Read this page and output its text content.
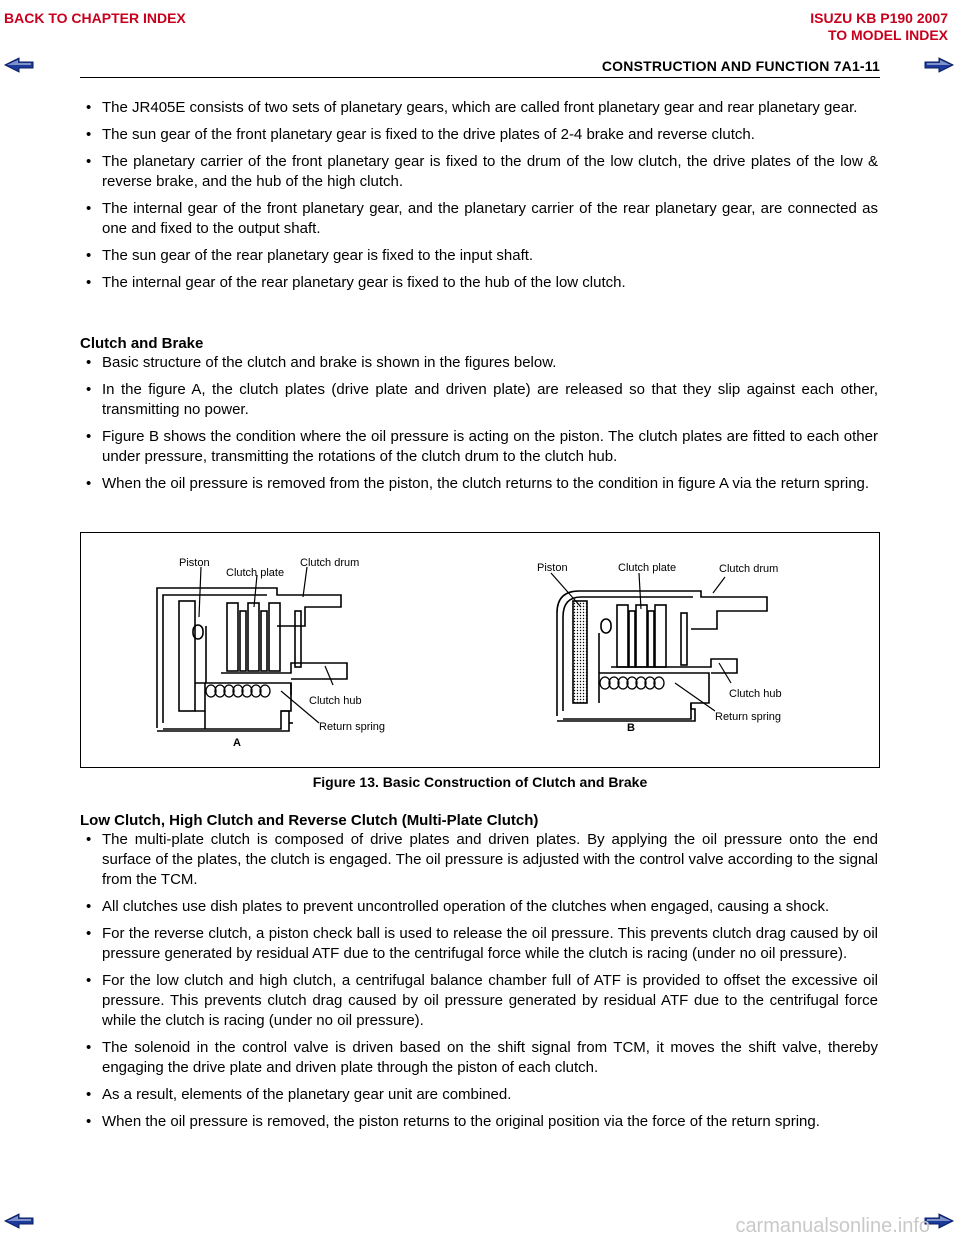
BACK TO CHAPTER INDEX	ISUZU KB P190 2007
TO MODEL INDEX
CONSTRUCTION AND FUNCTION 7A1-11
• The JR405E consists of two sets of planetary gears, which are called front planetary gear and rear planetary gear.
• The sun gear of the front planetary gear is fixed to the drive plates of 2-4 brake and reverse clutch.
• The planetary carrier of the front planetary gear is fixed to the drum of the low clutch, the drive plates of the low & reverse brake, and the hub of the high clutch.
• The internal gear of the front planetary gear, and the planetary carrier of the rear planetary gear, are connected as one and fixed to the output shaft.
• The sun gear of the rear planetary gear is fixed to the input shaft.
• The internal gear of the rear planetary gear is fixed to the hub of the low clutch.
Clutch and Brake
• Basic structure of the clutch and brake is shown in the figures below.
• In the figure A, the clutch plates (drive plate and driven plate) are released so that they slip against each other, transmitting no power.
• Figure B shows the condition where the oil pressure is acting on the piston. The clutch plates are fitted to each other under pressure, transmitting the rotations of the clutch drum to the clutch hub.
• When the oil pressure is removed from the piston, the clutch returns to the condition in figure A via the return spring.
Piston
Clutch plate
Clutch drum
Clutch hub
Return spring
A
Piston	Clutch plate	Clutch drum
Clutch hub
Return spring
B
Figure 13. Basic Construction of Clutch and Brake
Low Clutch, High Clutch and Reverse Clutch (Multi-Plate Clutch)
• The multi-plate clutch is composed of drive plates and driven plates. By applying the oil pressure onto the end surface of the plates, the clutch is engaged. The oil pressure is adjusted with the control valve according to the signal from the TCM.
• All clutches use dish plates to prevent uncontrolled operation of the clutches when engaged, causing a shock.
• For the reverse clutch, a piston check ball is used to release the oil pressure. This prevents clutch drag caused by oil pressure generated by residual ATF due to the centrifugal force while the clutch is racing (under no oil pressure).
• For the low clutch and high clutch, a centrifugal balance chamber full of ATF is provided to offset the excessive oil pressure. This prevents clutch drag caused by oil pressure generated by residual ATF due to the centrifugal force while the clutch is racing (under no oil pressure).
• The solenoid in the control valve is driven based on the shift signal from TCM, it moves the shift valve, thereby engaging the drive plate and driven plate through the piston of each clutch.
• As a result, elements of the planetary gear unit are combined.
• When the oil pressure is removed, the piston returns to the original position via the force of the return spring.
carmanualsonline.info
